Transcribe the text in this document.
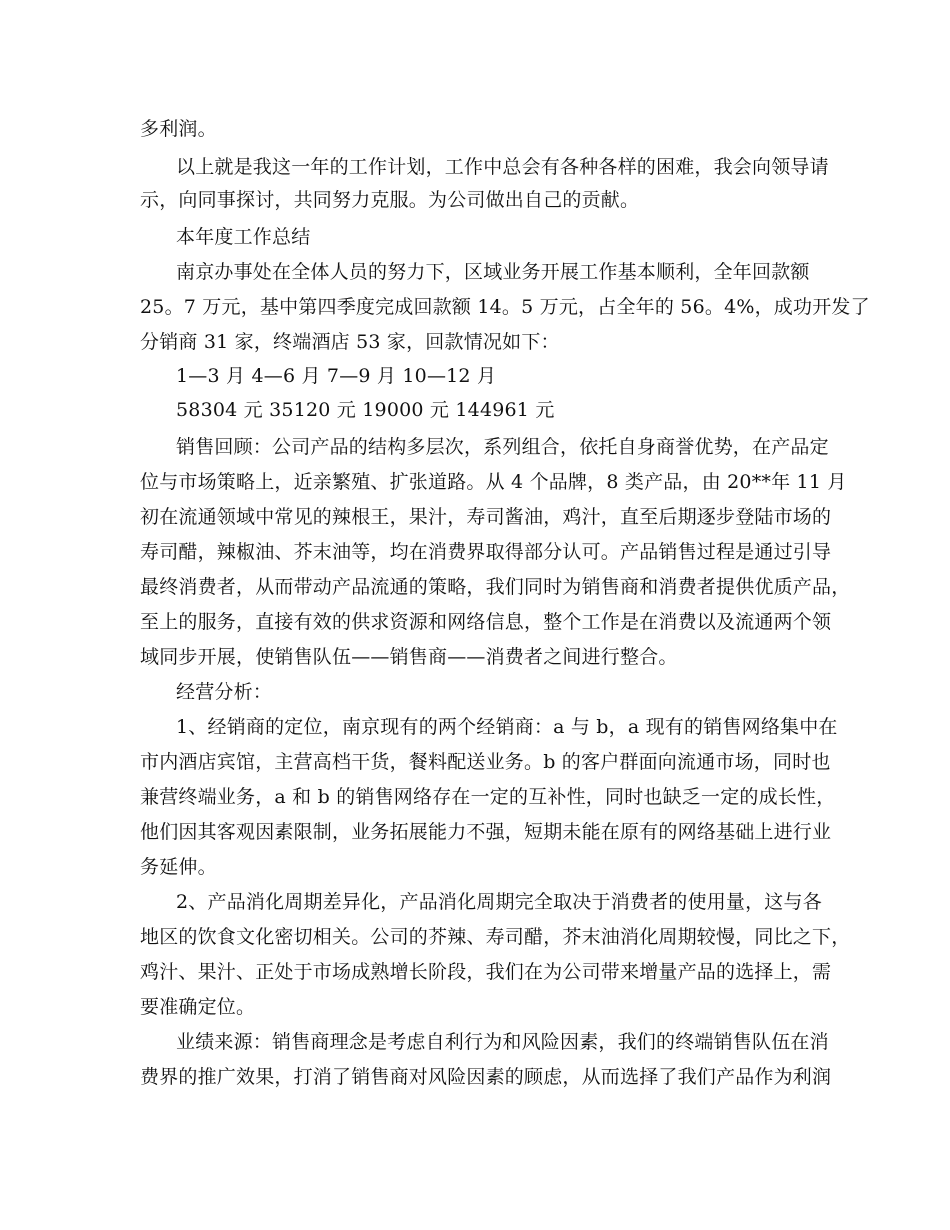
多利润。
以上就是我这一年的工作计划，工作中总会有各种各样的困难，我会向领导请
示，向同事探讨，共同努力克服。为公司做出自己的贡献。
本年度工作总结
南京办事处在全体人员的努力下，区域业务开展工作基本顺利，全年回款额
25。7 万元，基中第四季度完成回款额 14。5 万元，占全年的 56。4%，成功开发了
分销商 31 家，终端酒店 53 家，回款情况如下：
1—3 月 4—6 月 7—9 月 10—12 月
58304 元 35120 元 19000 元 144961 元
销售回顾：公司产品的结构多层次，系列组合，依托自身商誉优势，在产品定
位与市场策略上，近亲繁殖、扩张道路。从 4 个品牌，8 类产品，由 20**年 11 月
初在流通领域中常见的辣根王，果汁，寿司酱油，鸡汁，直至后期逐步登陆市场的
寿司醋，辣椒油、芥末油等，均在消费界取得部分认可。产品销售过程是通过引导
最终消费者，从而带动产品流通的策略，我们同时为销售商和消费者提供优质产品，
至上的服务，直接有效的供求资源和网络信息，整个工作是在消费以及流通两个领
域同步开展，使销售队伍——销售商——消费者之间进行整合。
经营分析：
1、经销商的定位，南京现有的两个经销商：a 与 b，a 现有的销售网络集中在
市内酒店宾馆，主营高档干货，餐料配送业务。b 的客户群面向流通市场，同时也
兼营终端业务，a 和 b 的销售网络存在一定的互补性，同时也缺乏一定的成长性，
他们因其客观因素限制，业务拓展能力不强，短期未能在原有的网络基础上进行业
务延伸。
2、产品消化周期差异化，产品消化周期完全取决于消费者的使用量，这与各
地区的饮食文化密切相关。公司的芥辣、寿司醋，芥末油消化周期较慢，同比之下，
鸡汁、果汁、正处于市场成熟增长阶段，我们在为公司带来增量产品的选择上，需
要准确定位。
业绩来源：销售商理念是考虑自利行为和风险因素，我们的终端销售队伍在消
费界的推广效果，打消了销售商对风险因素的顾虑，从而选择了我们产品作为利润
